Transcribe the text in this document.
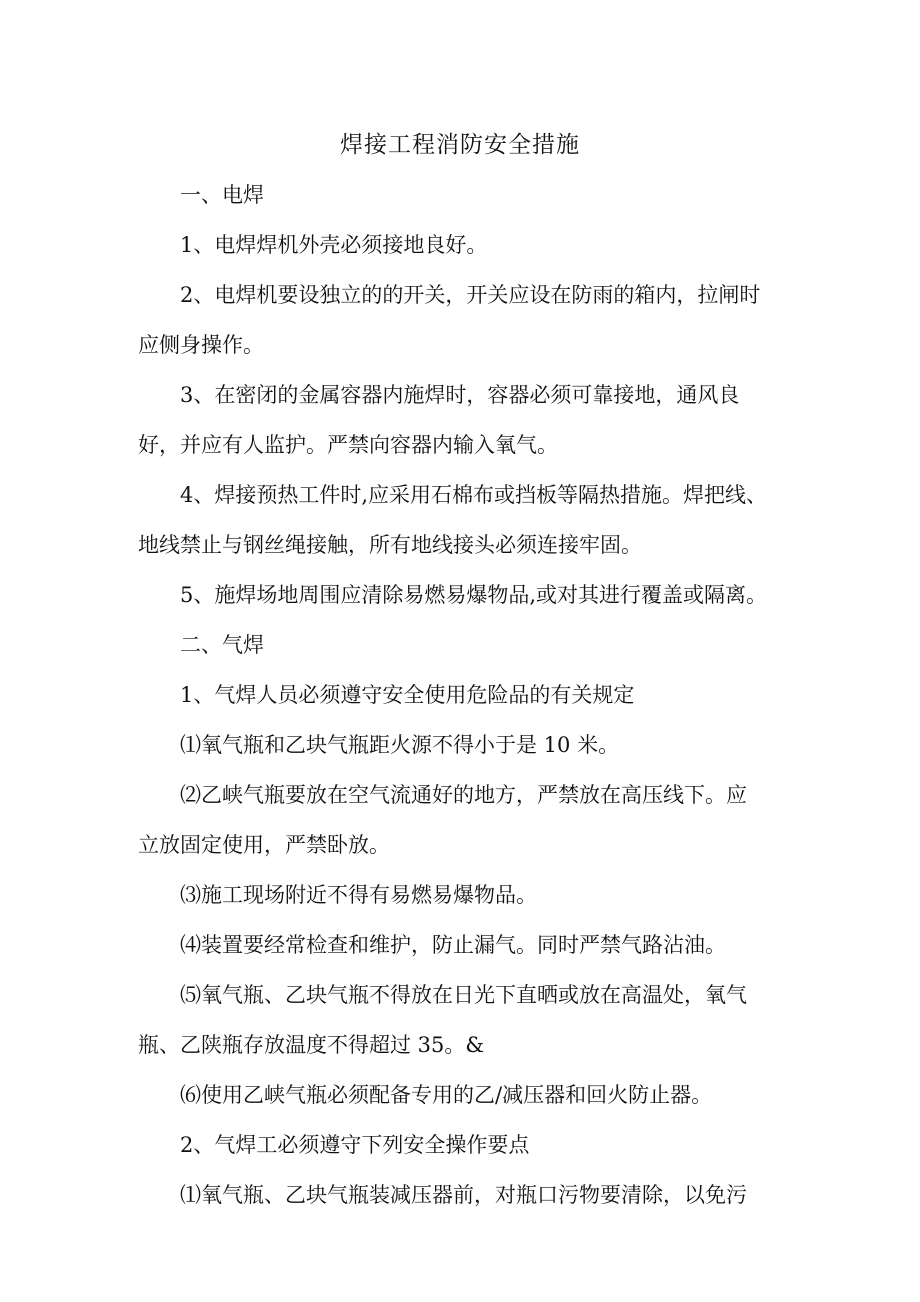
焊接工程消防安全措施

一、电焊

1、电焊焊机外壳必须接地良好。

2、电焊机要设独立的的开关，开关应设在防雨的箱内，拉闸时
应侧身操作。

3、在密闭的金属容器内施焊时，容器必须可靠接地，通风良
好，并应有人监护。严禁向容器内输入氧气。

4、焊接预热工件时,应采用石棉布或挡板等隔热措施。焊把线、
地线禁止与钢丝绳接触，所有地线接头必须连接牢固。

5、施焊场地周围应清除易燃易爆物品,或对其进行覆盖或隔离。

二、气焊

1、气焊人员必须遵守安全使用危险品的有关规定

⑴氧气瓶和乙块气瓶距火源不得小于是 10 米。

⑵乙峡气瓶要放在空气流通好的地方，严禁放在高压线下。应
立放固定使用，严禁卧放。

⑶施工现场附近不得有易燃易爆物品。

⑷装置要经常检查和维护，防止漏气。同时严禁气路沾油。

⑸氧气瓶、乙块气瓶不得放在日光下直晒或放在高温处，氧气
瓶、乙陕瓶存放温度不得超过 35。&

⑹使用乙峡气瓶必须配备专用的乙/减压器和回火防止器。

2、气焊工必须遵守下列安全操作要点

⑴氧气瓶、乙块气瓶装减压器前，对瓶口污物要清除，以免污
